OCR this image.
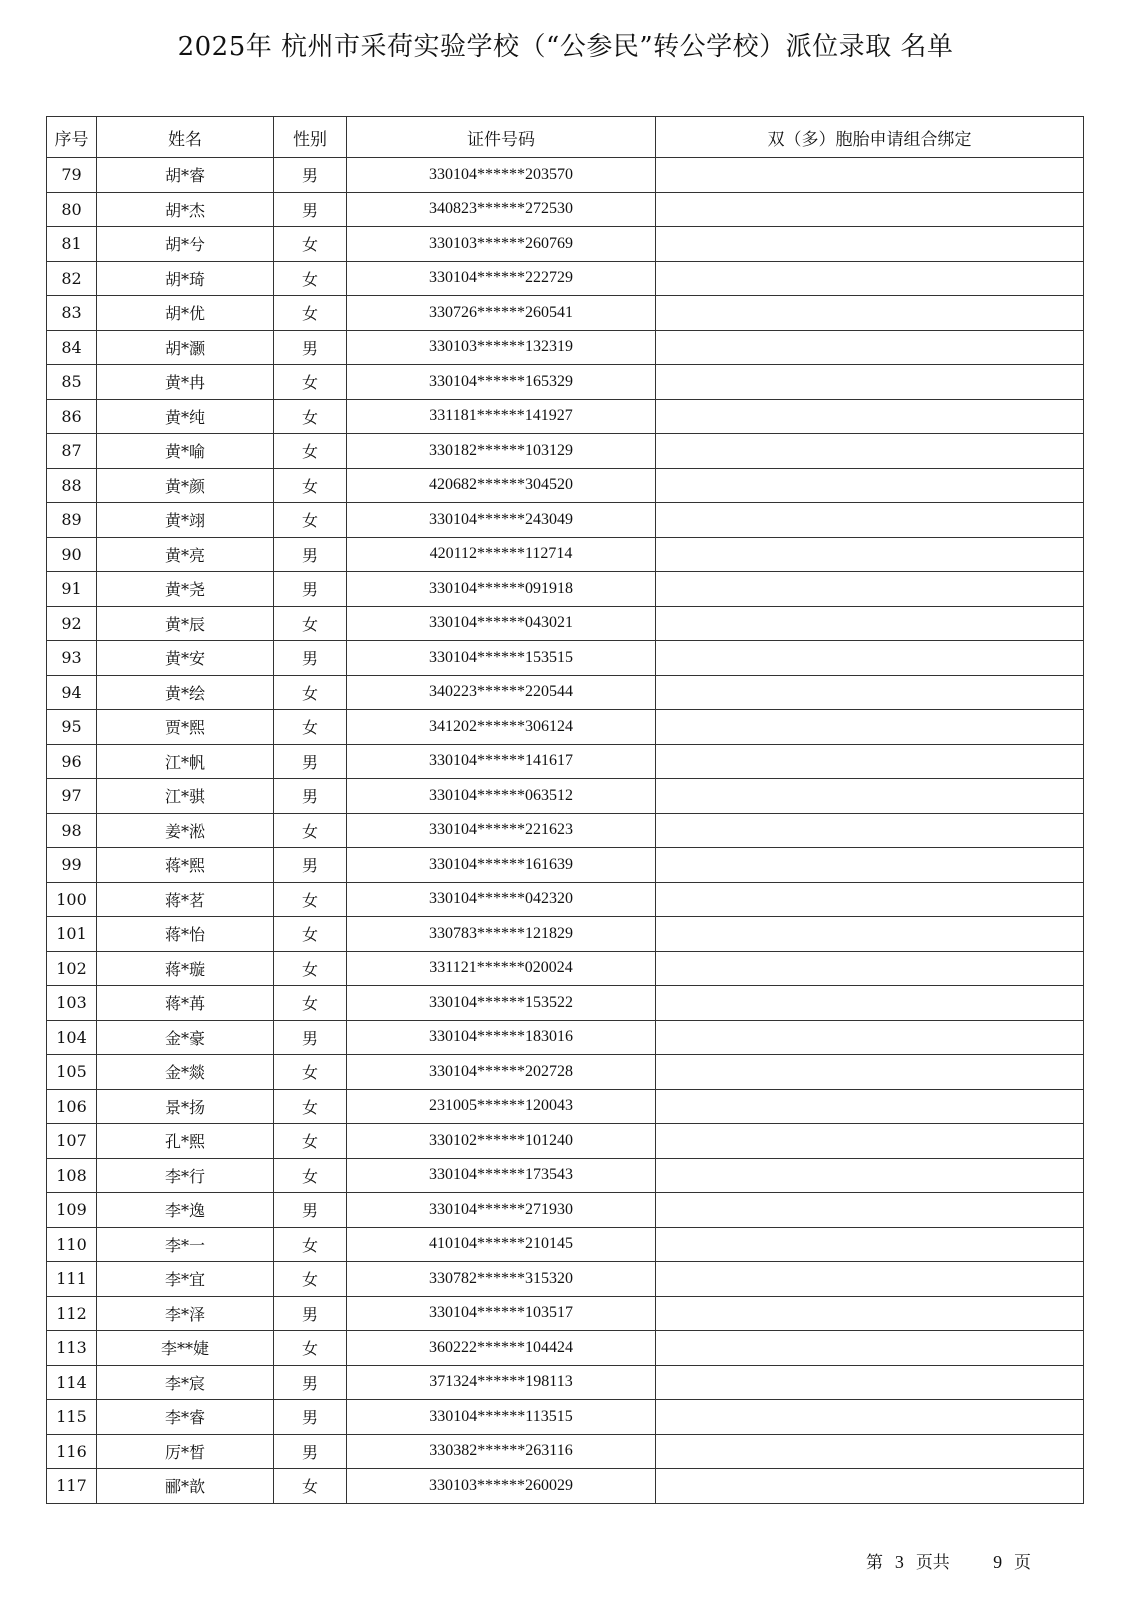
2025年 杭州市采荷实验学校（“公参民”转公学校）派位录取 名单
序号	姓名	性别	证件号码	双（多）胞胎申请组合绑定
79	胡*睿	男	330104******203570	
80	胡*杰	男	340823******272530	
81	胡*兮	女	330103******260769	
82	胡*琦	女	330104******222729	
83	胡*优	女	330726******260541	
84	胡*灏	男	330103******132319	
85	黄*冉	女	330104******165329	
86	黄*纯	女	331181******141927	
87	黄*喻	女	330182******103129	
88	黄*颜	女	420682******304520	
89	黄*翊	女	330104******243049	
90	黄*亮	男	420112******112714	
91	黄*尧	男	330104******091918	
92	黄*辰	女	330104******043021	
93	黄*安	男	330104******153515	
94	黄*绘	女	340223******220544	
95	贾*熙	女	341202******306124	
96	江*帆	男	330104******141617	
97	江*骐	男	330104******063512	
98	姜*淞	女	330104******221623	
99	蒋*熙	男	330104******161639	
100	蒋*茗	女	330104******042320	
101	蒋*怡	女	330783******121829	
102	蒋*璇	女	331121******020024	
103	蒋*苒	女	330104******153522	
104	金*豪	男	330104******183016	
105	金*燚	女	330104******202728	
106	景*扬	女	231005******120043	
107	孔*熙	女	330102******101240	
108	李*行	女	330104******173543	
109	李*逸	男	330104******271930	
110	李*一	女	410104******210145	
111	李*宜	女	330782******315320	
112	李*泽	男	330104******103517	
113	李**婕	女	360222******104424	
114	李*宸	男	371324******198113	
115	李*睿	男	330104******113515	
116	厉*晳	男	330382******263116	
117	郦*歆	女	330103******260029	
第 3 页共 9 页
